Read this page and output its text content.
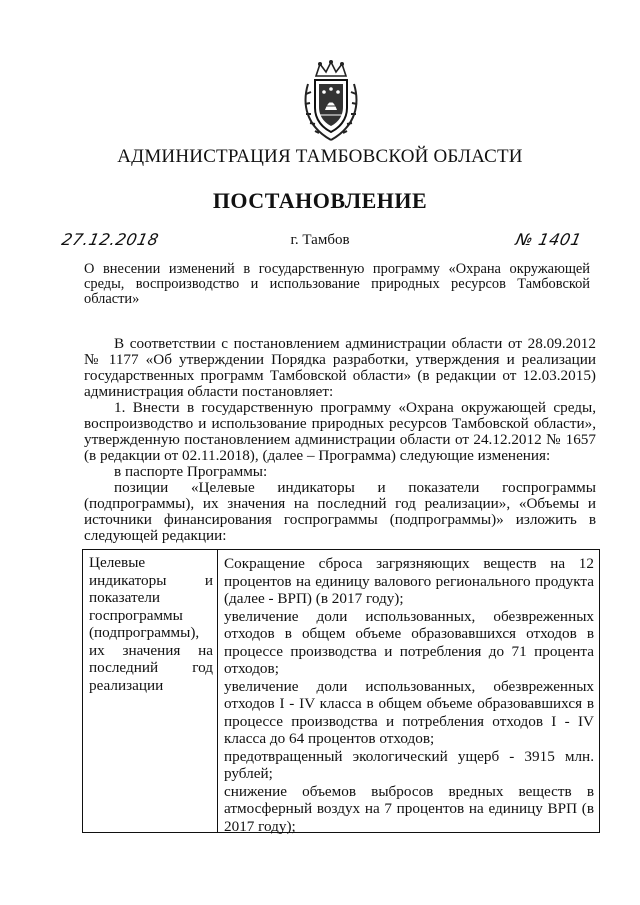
АДМИНИСТРАЦИЯ ТАМБОВСКОЙ ОБЛАСТИ
ПОСТАНОВЛЕНИЕ
27.12.2018	г. Тамбов	№ 1401
О внесении изменений в государственную программу «Охрана окружающей среды, воспроизводство и использование природных ресурсов Тамбовской области»

В соответствии с постановлением администрации области от 28.09.2012 № 1177 «Об утверждении Порядка разработки, утверждения и реализации государственных программ Тамбовской области» (в редакции от 12.03.2015) администрация области постановляет:

1. Внести в государственную программу «Охрана окружающей среды, воспроизводство и использование природных ресурсов Тамбовской области», утвержденную постановлением администрации области от 24.12.2012 № 1657 (в редакции от 02.11.2018), (далее – Программа) следующие изменения:

в паспорте Программы:

позиции «Целевые индикаторы и показатели госпрограммы (подпрограммы), их значения на последний год реализации», «Объемы и источники финансирования госпрограммы (подпрограммы)» изложить в следующей редакции:

Целевые индикаторы и показатели госпрограммы (подпрограммы), их значения на последний год реализации
Сокращение сброса загрязняющих веществ на 12 процентов на единицу валового регионального продукта (далее - ВРП) (в 2017 году);
увеличение доли использованных, обезвреженных отходов в общем объеме образовавшихся отходов в процессе производства и потребления до 71 процента отходов;
увеличение доли использованных, обезвреженных отходов I - IV класса в общем объеме образовавшихся в процессе производства и потребления отходов I - IV класса до 64 процентов отходов;
предотвращенный экологический ущерб - 3915 млн. рублей;
снижение объемов выбросов вредных веществ в атмосферный воздух на 7 процентов на единицу ВРП (в 2017 году);
